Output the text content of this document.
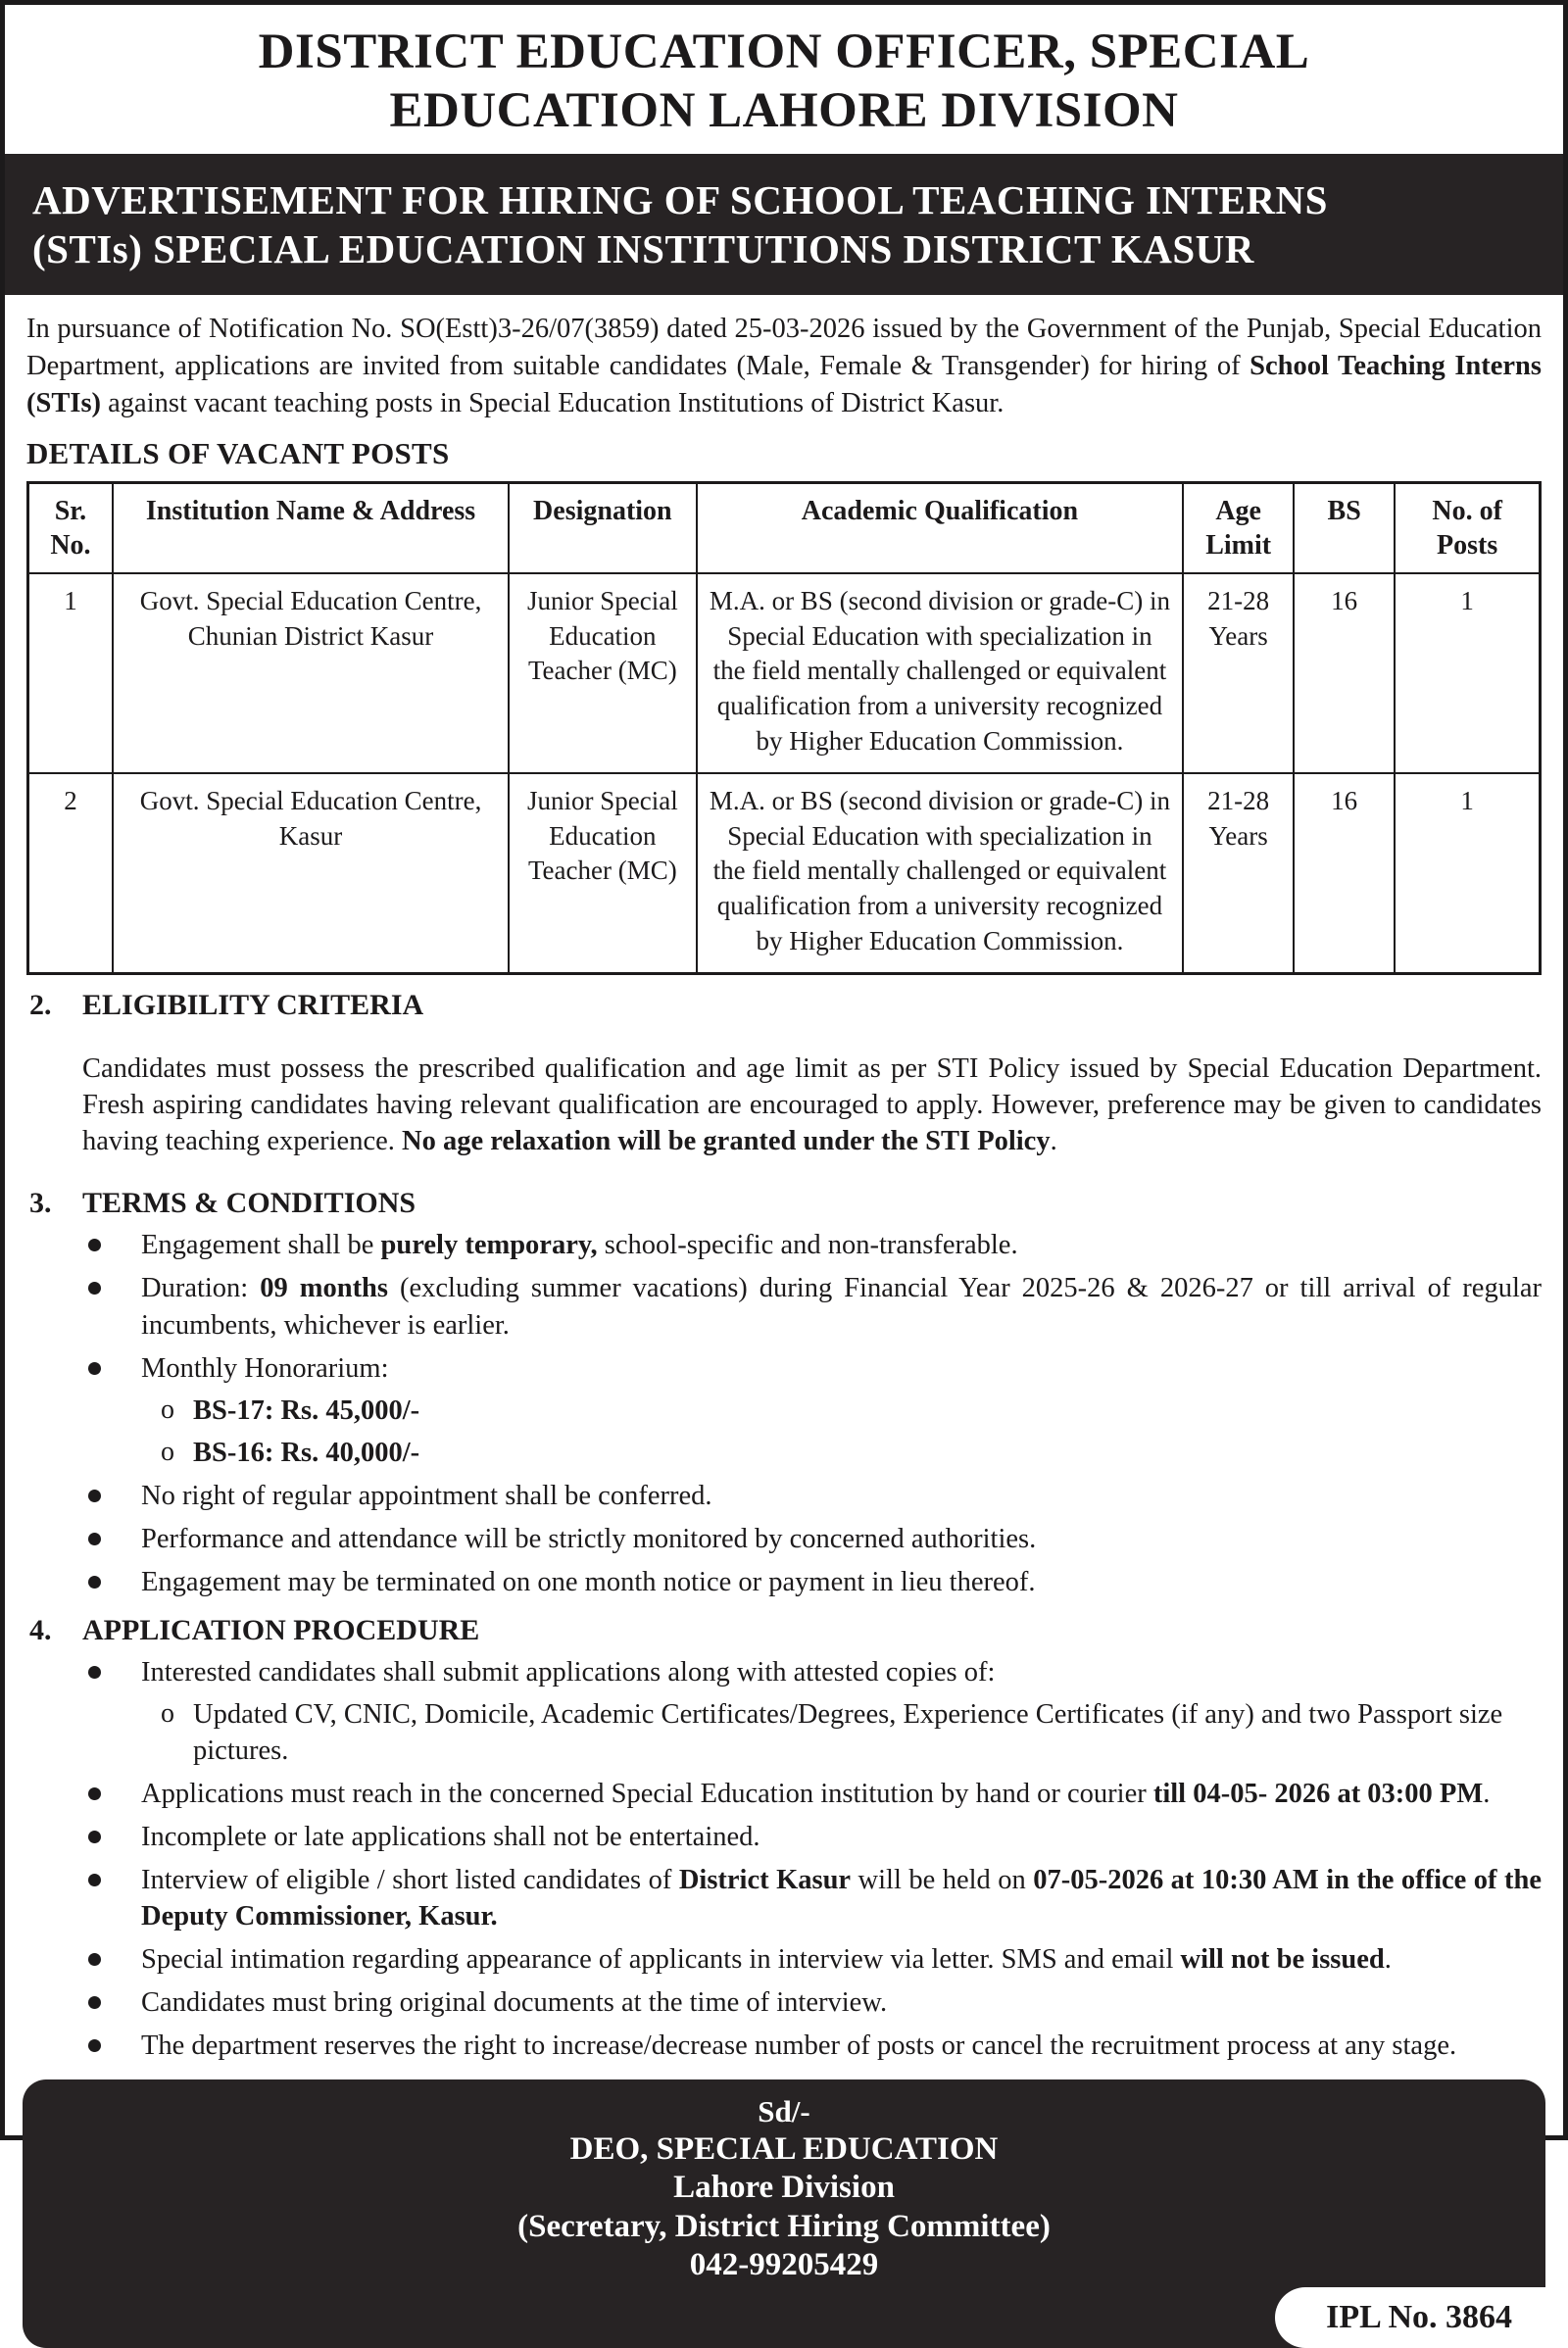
DISTRICT EDUCATION OFFICER, SPECIAL
EDUCATION LAHORE DIVISION
ADVERTISEMENT FOR HIRING OF SCHOOL TEACHING INTERNS
(STIs) SPECIAL EDUCATION INSTITUTIONS DISTRICT KASUR

In pursuance of Notification No. SO(Estt)3-26/07(3859) dated 25-03-2026 issued by the Government of the Punjab, Special Education Department, applications are invited from suitable candidates (Male, Female & Transgender) for hiring of School Teaching Interns (STIs) against vacant teaching posts in Special Education Institutions of District Kasur.

DETAILS OF VACANT POSTS
Sr. No.	Institution Name & Address	Designation	Academic Qualification	Age Limit	BS	No. of Posts
1	Govt. Special Education Centre, Chunian District Kasur	Junior Special Education Teacher (MC)	M.A. or BS (second division or grade-C) in Special Education with specialization in the field mentally challenged or equivalent qualification from a university recognized by Higher Education Commission.	21-28 Years	16	1
2	Govt. Special Education Centre, Kasur	Junior Special Education Teacher (MC)	M.A. or BS (second division or grade-C) in Special Education with specialization in the field mentally challenged or equivalent qualification from a university recognized by Higher Education Commission.	21-28 Years	16	1
2.	ELIGIBILITY CRITERIA

Candidates must possess the prescribed qualification and age limit as per STI Policy issued by Special Education Department. Fresh aspiring candidates having relevant qualification are encouraged to apply. However, preference may be given to candidates having teaching experience. No age relaxation will be granted under the STI Policy.

3.	TERMS & CONDITIONS
Engagement shall be purely temporary, school-specific and non-transferable.
Duration: 09 months (excluding summer vacations) during Financial Year 2025-26 & 2026-27 or till arrival of regular incumbents, whichever is earlier.
Monthly Honorarium:
o BS-17: Rs. 45,000/-
o BS-16: Rs. 40,000/-
No right of regular appointment shall be conferred.
Performance and attendance will be strictly monitored by concerned authorities.
Engagement may be terminated on one month notice or payment in lieu thereof.
4.	APPLICATION PROCEDURE
Interested candidates shall submit applications along with attested copies of:
o Updated CV, CNIC, Domicile, Academic Certificates/Degrees, Experience Certificates (if any) and two Passport size pictures.
Applications must reach in the concerned Special Education institution by hand or courier till 04-05- 2026 at 03:00 PM.
Incomplete or late applications shall not be entertained.
Interview of eligible / short listed candidates of District Kasur will be held on 07-05-2026 at 10:30 AM in the office of the Deputy Commissioner, Kasur.
Special intimation regarding appearance of applicants in interview via letter. SMS and email will not be issued.
Candidates must bring original documents at the time of interview.
The department reserves the right to increase/decrease number of posts or cancel the recruitment process at any stage.
Sd/-
DEO, SPECIAL EDUCATION
Lahore Division
(Secretary, District Hiring Committee)
042-99205429
IPL No. 3864
